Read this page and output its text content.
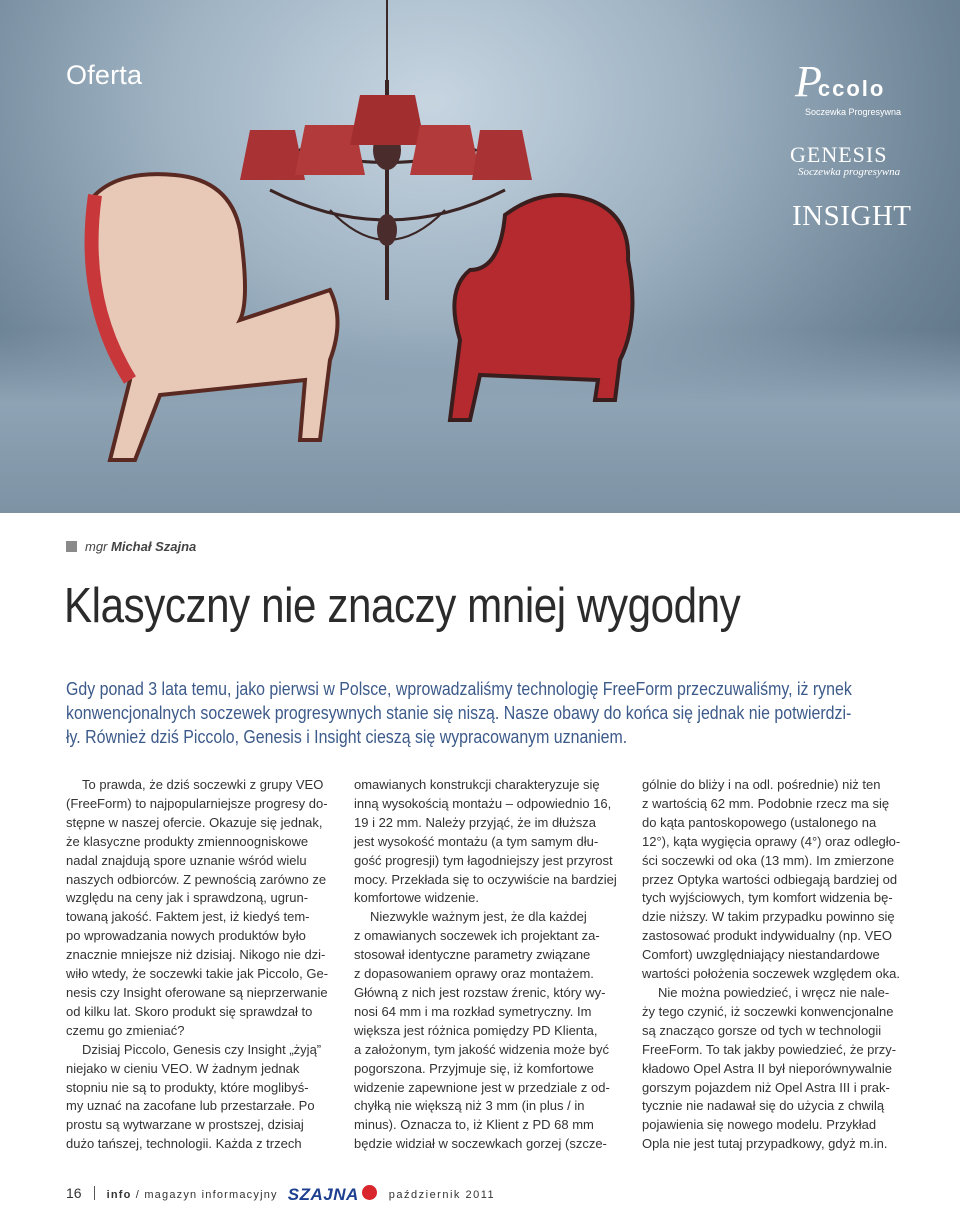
Oferta	Pccolo
Soczewka Progresywna
GENESIS
Soczewka progresywna
INSIGHT
mgr Michał Szajna
Klasyczny nie znaczy mniej wygodny

Gdy ponad 3 lata temu, jako pierwsi w Polsce, wprowadzaliśmy technologię FreeForm przeczuwaliśmy, iż rynek

konwencjonalnych soczewek progresywnych stanie się niszą. Nasze obawy do końca się jednak nie potwierdzi-

ły. Również dziś Piccolo, Genesis i Insight cieszą się wypracowanym uznaniem.

To prawda, że dziś soczewki z grupy VEO

(FreeForm) to najpopularniejsze progresy do-

stępne w naszej ofercie. Okazuje się jednak,

że klasyczne produkty zmiennoogniskowe

nadal znajdują spore uznanie wśród wielu

naszych odbiorców. Z pewnością zarówno ze

względu na ceny jak i sprawdzoną, ugrun-

towaną jakość. Faktem jest, iż kiedyś tem-

po wprowadzania nowych produktów było

znacznie mniejsze niż dzisiaj. Nikogo nie dzi-

wiło wtedy, że soczewki takie jak Piccolo, Ge-

nesis czy Insight oferowane są nieprzerwanie

od kilku lat. Skoro produkt się sprawdzał to

czemu go zmieniać?

Dzisiaj Piccolo, Genesis czy Insight „żyją”

niejako w cieniu VEO. W żadnym jednak

stopniu nie są to produkty, które moglibyś-

my uznać na zacofane lub przestarzałe. Po

prostu są wytwarzane w prostszej, dzisiaj

dużo tańszej, technologii. Każda z trzech

omawianych konstrukcji charakteryzuje się

inną wysokością montażu – odpowiednio 16,

19 i 22 mm. Należy przyjąć, że im dłuższa

jest wysokość montażu (a tym samym dłu-

gość progresji) tym łagodniejszy jest przyrost

mocy. Przekłada się to oczywiście na bardziej

komfortowe widzenie.

Niezwykle ważnym jest, że dla każdej

z omawianych soczewek ich projektant za-

stosował identyczne parametry związane

z dopasowaniem oprawy oraz montażem.

Główną z nich jest rozstaw źrenic, który wy-

nosi 64 mm i ma rozkład symetryczny. Im

większa jest różnica pomiędzy PD Klienta,

a założonym, tym jakość widzenia może być

pogorszona. Przyjmuje się, iż komfortowe

widzenie zapewnione jest w przedziale z od-

chyłką nie większą niż 3 mm (in plus / in

minus). Oznacza to, iż Klient z PD 68 mm

będzie widział w soczewkach gorzej (szcze-

gólnie do bliży i na odl. pośrednie) niż ten

z wartością 62 mm. Podobnie rzecz ma się

do kąta pantoskopowego (ustalonego na

12°), kąta wygięcia oprawy (4°) oraz odległo-

ści soczewki od oka (13 mm). Im zmierzone

przez Optyka wartości odbiegają bardziej od

tych wyjściowych, tym komfort widzenia bę-

dzie niższy. W takim przypadku powinno się

zastosować produkt indywidualny (np. VEO

Comfort) uwzględniający niestandardowe

wartości położenia soczewek względem oka.

Nie można powiedzieć, i wręcz nie nale-

ży tego czynić, iż soczewki konwencjonalne

są znacząco gorsze od tych w technologii

FreeForm. To tak jakby powiedzieć, że przy-

kładowo Opel Astra II był nieporównywalnie

gorszym pojazdem niż Opel Astra III i prak-

tycznie nie nadawał się do użycia z chwilą

pojawienia się nowego modelu. Przykład

Opla nie jest tutaj przypadkowy, gdyż m.in.

16 info / magazyn informacyjny SZAJNA	październik 2011
